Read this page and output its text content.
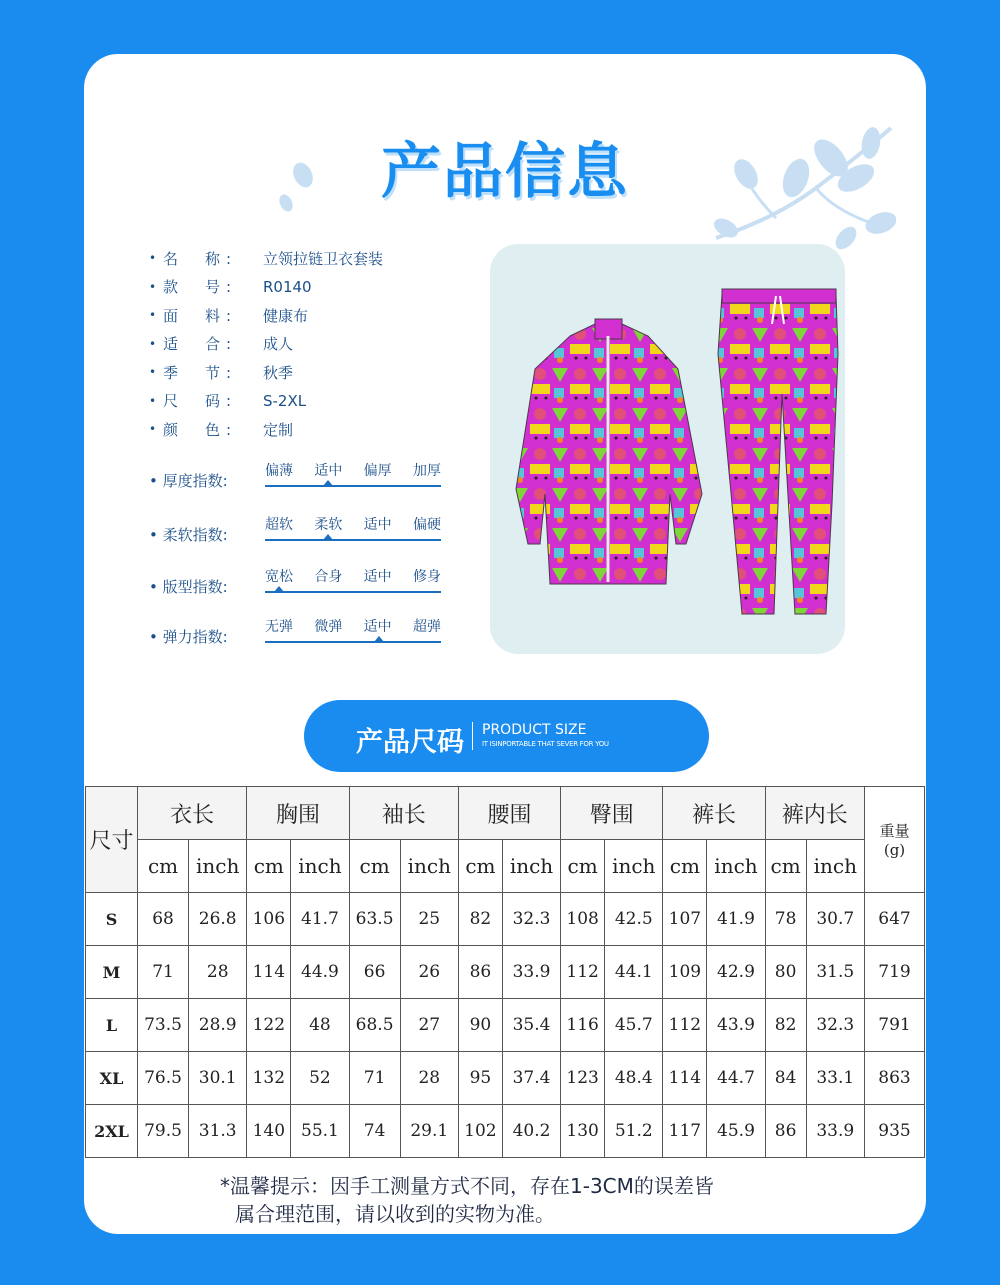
产品信息
• 名　称:	立领拉链卫衣套装
• 款　号:	R0140
• 面　料:	健康布
• 适　合:	成人
• 季　节:	秋季
• 尺　码:	S-2XL
• 颜　色:	定制
• 厚度指数:
偏薄 适中 偏厚 加厚
• 柔软指数:
超软 柔软 适中 偏硬
• 版型指数:
宽松 合身 适中 修身
• 弹力指数:
无弹 微弹 适中 超弹
产品尺码 PRODUCT SIZE
IT ISINPORTABLE THAT SEVER FOR YOU
尺寸	衣长		胸围		袖长		腰围		臀围		裤长		裤内长		重量
(g)

	cm	inch	cm	inch	cm	inch	cm	inch	cm	inch	cm	inch	cm	inch	
S	68	26.8	106	41.7	63.5	25	82	32.3	108	42.5	107	41.9	78	30.7	647
M	71	28	114	44.9	66	26	86	33.9	112	44.1	109	42.9	80	31.5	719
L	73.5	28.9	122	48	68.5	27	90	35.4	116	45.7	112	43.9	82	32.3	791
XL	76.5	30.1	132	52	71	28	95	37.4	123	48.4	114	44.7	84	33.1	863
2XL	79.5	31.3	140	55.1	74	29.1	102	40.2	130	51.2	117	45.9	86	33.9	935
*温馨提示：因手工测量方式不同，存在1-3CM的误差皆
属合理范围，请以收到的实物为准。
